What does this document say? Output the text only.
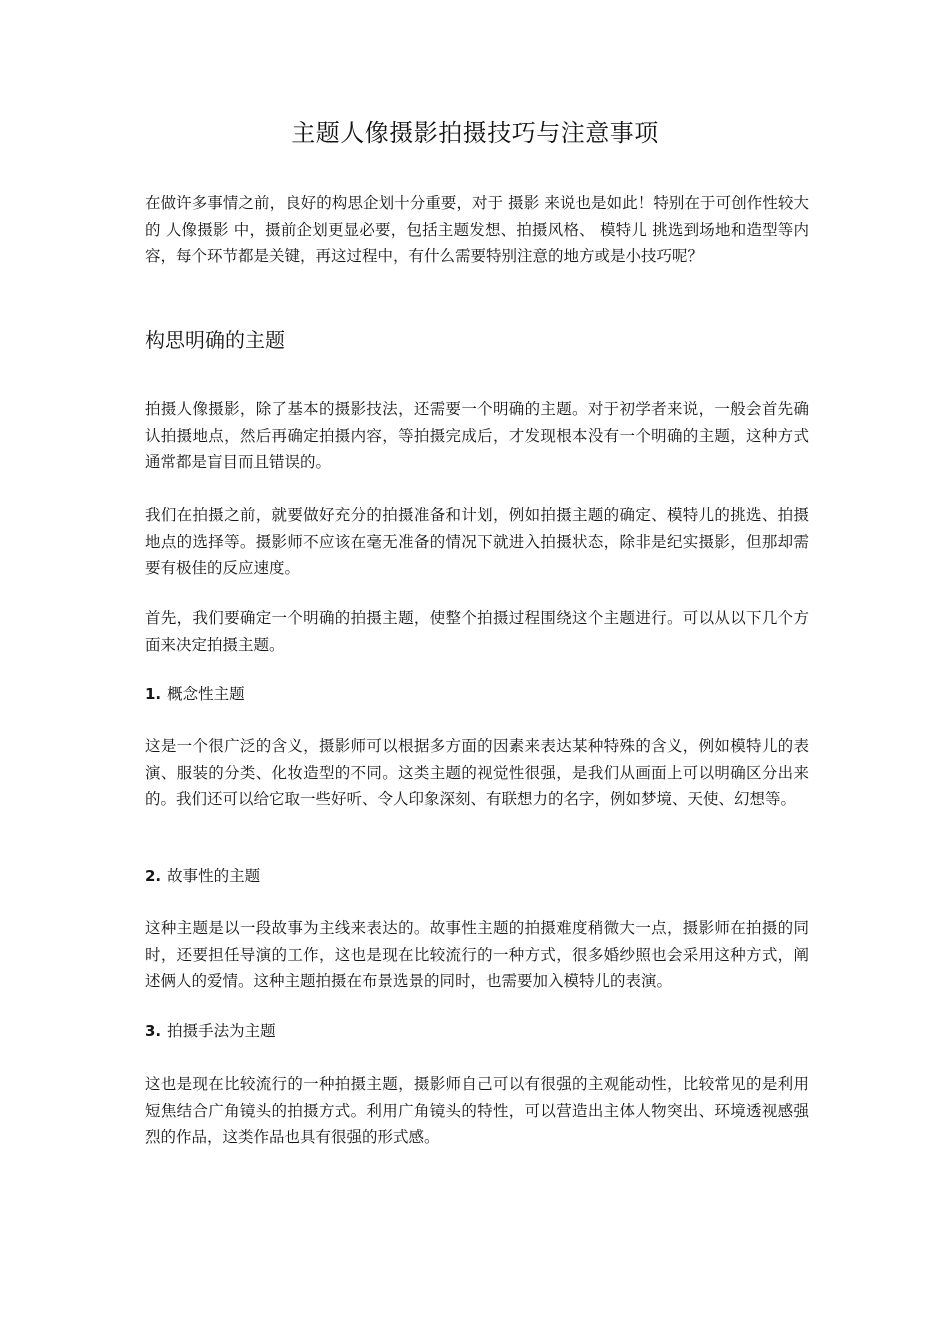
主题人像摄影拍摄技巧与注意事项
在做许多事情之前，良好的构思企划十分重要，对于 摄影 来说也是如此！特别在于可创作性较大的 人像摄影 中，摄前企划更显必要，包括主题发想、拍摄风格、 模特儿 挑选到场地和造型等内容，每个环节都是关键，再这过程中，有什么需要特别注意的地方或是小技巧呢？
构思明确的主题
拍摄人像摄影，除了基本的摄影技法，还需要一个明确的主题。对于初学者来说，一般会首先确认拍摄地点，然后再确定拍摄内容，等拍摄完成后，才发现根本没有一个明确的主题，这种方式通常都是盲目而且错误的。
我们在拍摄之前，就要做好充分的拍摄准备和计划，例如拍摄主题的确定、模特儿的挑选、拍摄地点的选择等。摄影师不应该在毫无准备的情况下就进入拍摄状态，除非是纪实摄影，但那却需要有极佳的反应速度。
首先，我们要确定一个明确的拍摄主题，使整个拍摄过程围绕这个主题进行。可以从以下几个方面来决定拍摄主题。
1. 概念性主题
这是一个很广泛的含义，摄影师可以根据多方面的因素来表达某种特殊的含义，例如模特儿的表演、服装的分类、化妆造型的不同。这类主题的视觉性很强，是我们从画面上可以明确区分出来的。我们还可以给它取一些好听、令人印象深刻、有联想力的名字，例如梦境、天使、幻想等。
2. 故事性的主题
这种主题是以一段故事为主线来表达的。故事性主题的拍摄难度稍微大一点，摄影师在拍摄的同时，还要担任导演的工作，这也是现在比较流行的一种方式，很多婚纱照也会采用这种方式，阐述俩人的爱情。这种主题拍摄在布景选景的同时，也需要加入模特儿的表演。
3. 拍摄手法为主题
这也是现在比较流行的一种拍摄主题，摄影师自己可以有很强的主观能动性，比较常见的是利用短焦结合广角镜头的拍摄方式。利用广角镜头的特性，可以营造出主体人物突出、环境透视感强烈的作品，这类作品也具有很强的形式感。
